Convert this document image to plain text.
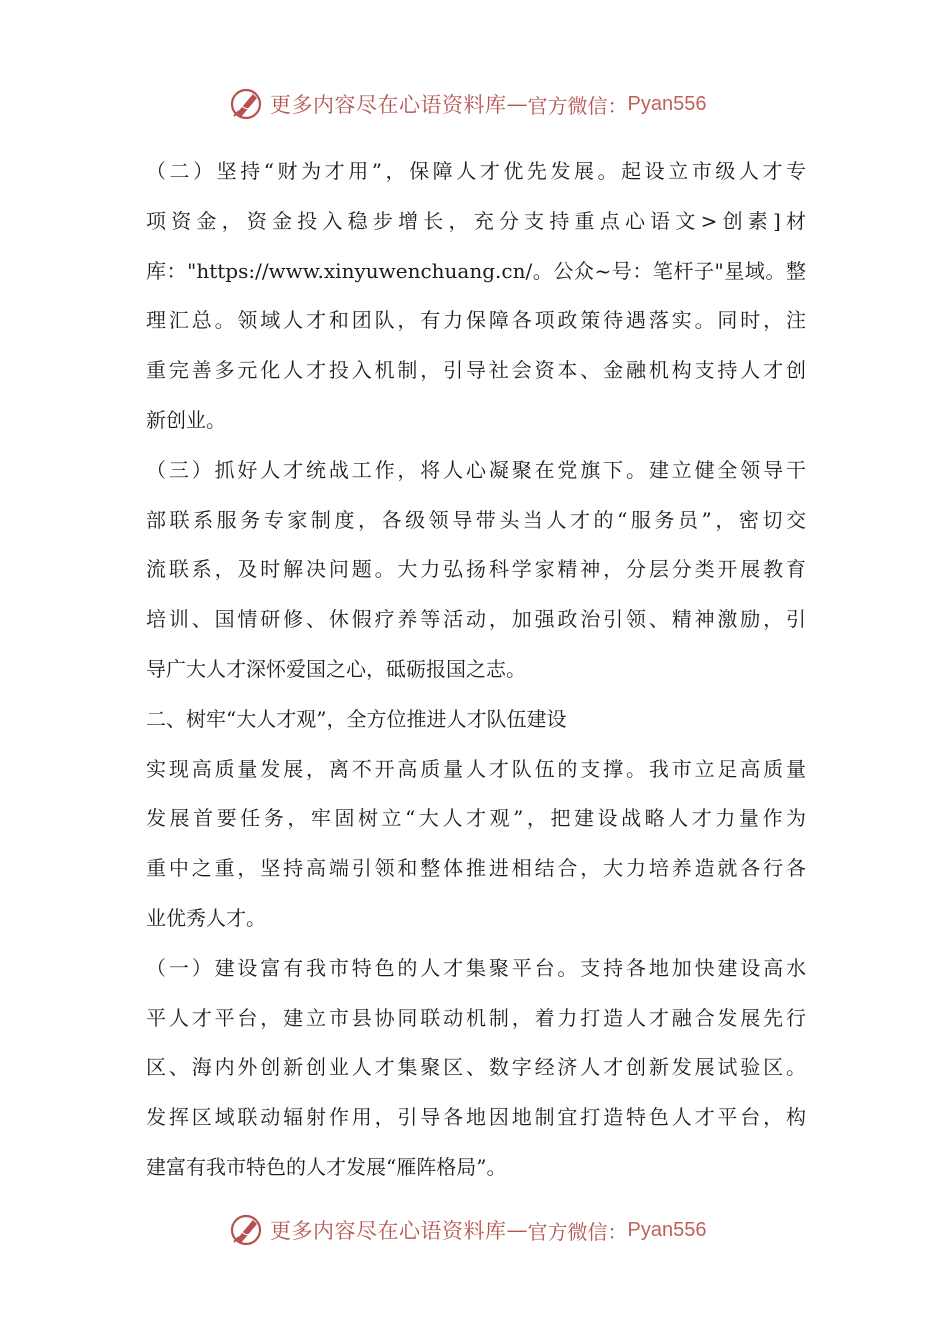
更多内容尽在心语资料库 — 官方微信： Pyan556
（二）坚持“财为才用”，保障人才优先发展。起设立市级人才专
项资金，资金投入稳步增长，充分支持重点心语文>创素]材
库："https://www.xinyuwenchuang.cn/。公众~号：笔杆子"星域。整
理汇总。领域人才和团队，有力保障各项政策待遇落实。同时，注
重完善多元化人才投入机制，引导社会资本、金融机构支持人才创
新创业。
（三）抓好人才统战工作，将人心凝聚在党旗下。建立健全领导干
部联系服务专家制度，各级领导带头当人才的“服务员”，密切交
流联系，及时解决问题。大力弘扬科学家精神，分层分类开展教育
培训、国情研修、休假疗养等活动，加强政治引领、精神激励，引
导广大人才深怀爱国之心，砥砺报国之志。
二、树牢“大人才观”，全方位推进人才队伍建设
实现高质量发展，离不开高质量人才队伍的支撑。我市立足高质量
发展首要任务，牢固树立“大人才观”，把建设战略人才力量作为
重中之重，坚持高端引领和整体推进相结合，大力培养造就各行各
业优秀人才。
（一）建设富有我市特色的人才集聚平台。支持各地加快建设高水
平人才平台，建立市县协同联动机制，着力打造人才融合发展先行
区、海内外创新创业人才集聚区、数字经济人才创新发展试验区。
发挥区域联动辐射作用，引导各地因地制宜打造特色人才平台，构
建富有我市特色的人才发展“雁阵格局”。
更多内容尽在心语资料库 — 官方微信： Pyan556
